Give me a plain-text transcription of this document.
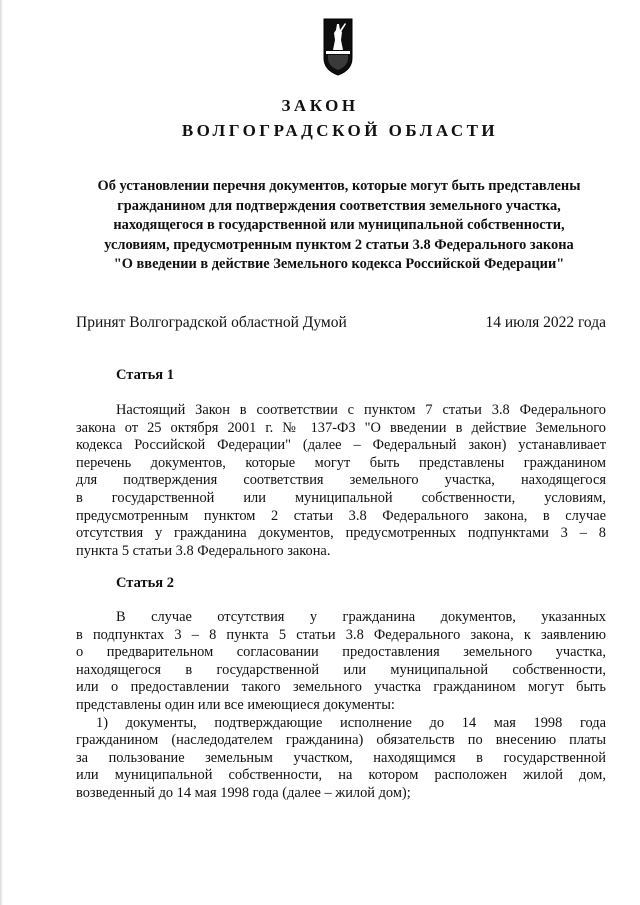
ЗАКОН
ВОЛГОГРАДСКОЙ ОБЛАСТИ
Об установлении перечня документов, которые могут быть представлены
гражданином для подтверждения соответствия земельного участка,
находящегося в государственной или муниципальной собственности,
условиям, предусмотренным пунктом 2 статьи 3.8 Федерального закона
"О введении в действие Земельного кодекса Российской Федерации"
Принят Волгоградской областной Думой	14 июля 2022 года
Статья 1
Настоящий Закон в соответствии с пунктом 7 статьи 3.8 Федерального
закона от 25 октября 2001 г. № 137-ФЗ "О введении в действие Земельного
кодекса Российской Федерации" (далее – Федеральный закон) устанавливает
перечень документов, которые могут быть представлены гражданином
для подтверждения соответствия земельного участка, находящегося
в государственной или муниципальной собственности, условиям,
предусмотренным пунктом 2 статьи 3.8 Федерального закона, в случае
отсутствия у гражданина документов, предусмотренных подпунктами 3 – 8
пункта 5 статьи 3.8 Федерального закона.
Статья 2
В случае отсутствия у гражданина документов, указанных
в подпунктах 3 – 8 пункта 5 статьи 3.8 Федерального закона, к заявлению
о предварительном согласовании предоставления земельного участка,
находящегося в государственной или муниципальной собственности,
или о предоставлении такого земельного участка гражданином могут быть
представлены один или все имеющиеся документы:
1) документы, подтверждающие исполнение до 14 мая 1998 года
гражданином (наследодателем гражданина) обязательств по внесению платы
за пользование земельным участком, находящимся в государственной
или муниципальной собственности, на котором расположен жилой дом,
возведенный до 14 мая 1998 года (далее – жилой дом);
